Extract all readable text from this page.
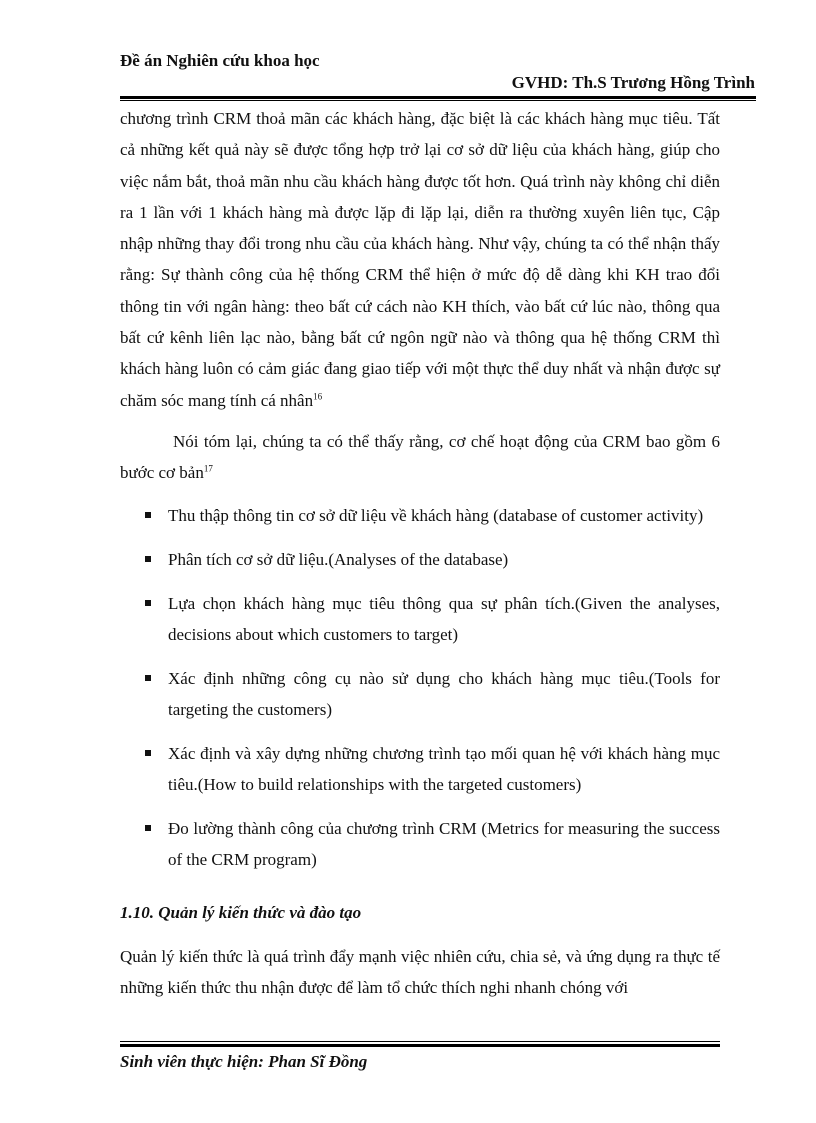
Đề án Nghiên cứu khoa học
GVHD: Th.S Trương Hồng Trình

chương trình CRM thoả mãn các khách hàng, đặc biệt là các khách hàng mục tiêu. Tất cả những kết quả này sẽ được tổng hợp trở lại cơ sở dữ liệu của khách hàng, giúp cho việc nắm bắt, thoả mãn nhu cầu khách hàng được tốt hơn. Quá trình này không chỉ diễn ra 1 lần với 1 khách hàng mà được lặp đi lặp lại, diễn ra thường xuyên liên tục, Cập nhập những thay đổi trong nhu cầu của khách hàng. Như vậy, chúng ta có thể nhận thấy rằng: Sự thành công của hệ thống CRM thể hiện ở mức độ dễ dàng khi KH trao đổi thông tin với ngân hàng: theo bất cứ cách nào KH thích, vào bất cứ lúc nào, thông qua bất cứ kênh liên lạc nào, bằng bất cứ ngôn ngữ nào và thông qua hệ thống CRM thì khách hàng luôn có cảm giác đang giao tiếp với một thực thể duy nhất và nhận được sự chăm sóc mang tính cá nhân$^{16}$

Nói tóm lại, chúng ta có thể thấy rằng, cơ chế hoạt động của CRM bao gồm 6 bước cơ bản$^{17}$

Thu thập thông tin cơ sở dữ liệu về khách hàng (database of customer activity)
Phân tích cơ sở dữ liệu.(Analyses of the database)
Lựa chọn khách hàng mục tiêu thông qua sự phân tích.(Given the analyses, decisions about which customers to target)
Xác định những công cụ nào sử dụng cho khách hàng mục tiêu.(Tools for targeting the customers)
Xác định và xây dựng những chương trình tạo mối quan hệ với khách hàng mục tiêu.(How to build relationships with the targeted customers)
Đo lường thành công của chương trình CRM (Metrics for measuring the success of the CRM program)
1.10. Quản lý kiến thức và đào tạo

Quản lý kiến thức là quá trình đẩy mạnh việc nhiên cứu, chia sẻ, và ứng dụng ra thực tế những kiến thức thu nhận được để làm tổ chức thích nghi nhanh chóng với

Sinh viên thực hiện: Phan Sĩ Đồng
